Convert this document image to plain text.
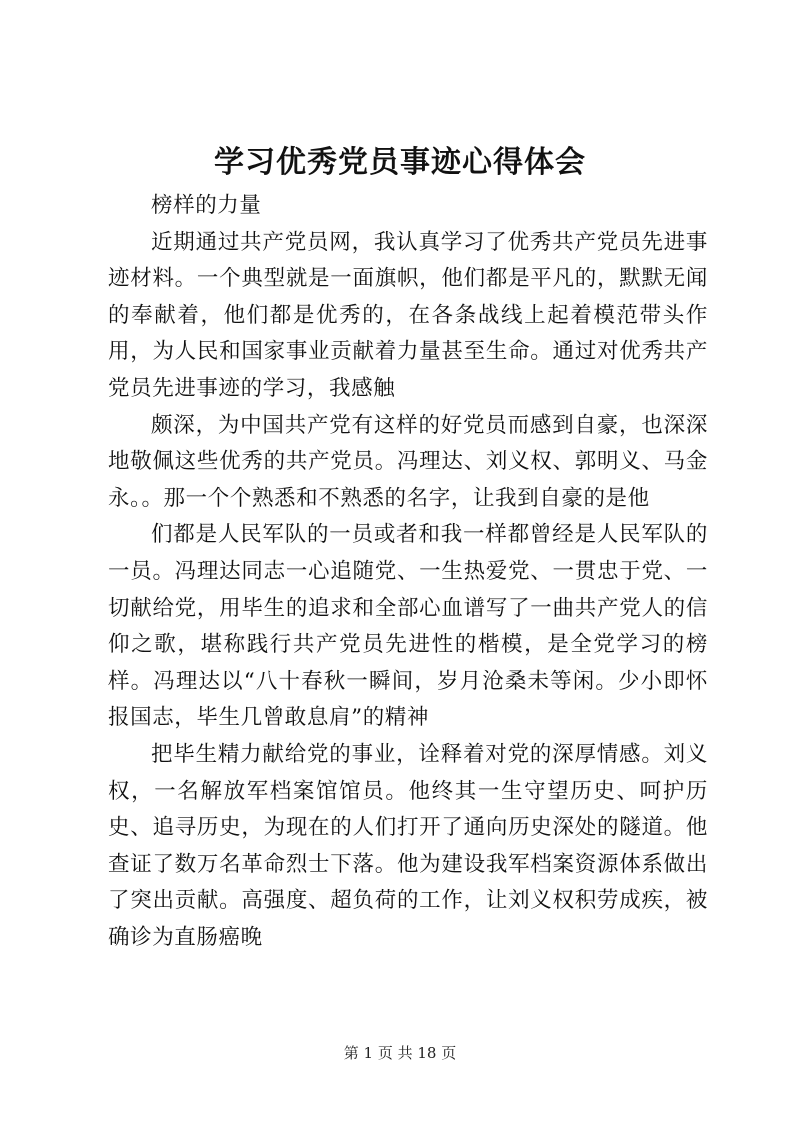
学习优秀党员事迹心得体会

榜样的力量

近期通过共产党员网，我认真学习了优秀共产党员先进事迹材料。一个典型就是一面旗帜，他们都是平凡的，默默无闻的奉献着，他们都是优秀的，在各条战线上起着模范带头作用，为人民和国家事业贡献着力量甚至生命。通过对优秀共产党员先进事迹的学习，我感触

颇深，为中国共产党有这样的好党员而感到自豪，也深深地敬佩这些优秀的共产党员。冯理达、刘义权、郭明义、马金永。。那一个个熟悉和不熟悉的名字，让我到自豪的是他

们都是人民军队的一员或者和我一样都曾经是人民军队的一员。冯理达同志一心追随党、一生热爱党、一贯忠于党、一切献给党，用毕生的追求和全部心血谱写了一曲共产党人的信仰之歌，堪称践行共产党员先进性的楷模，是全党学习的榜样。冯理达以“八十春秋一瞬间，岁月沧桑未等闲。少小即怀报国志，毕生几曾敢息肩”的精神

把毕生精力献给党的事业，诠释着对党的深厚情感。刘义权，一名解放军档案馆馆员。他终其一生守望历史、呵护历史、追寻历史，为现在的人们打开了通向历史深处的隧道。他查证了数万名革命烈士下落。他为建设我军档案资源体系做出了突出贡献。高强度、超负荷的工作，让刘义权积劳成疾，被确诊为直肠癌晚

第 1 页 共 18 页
